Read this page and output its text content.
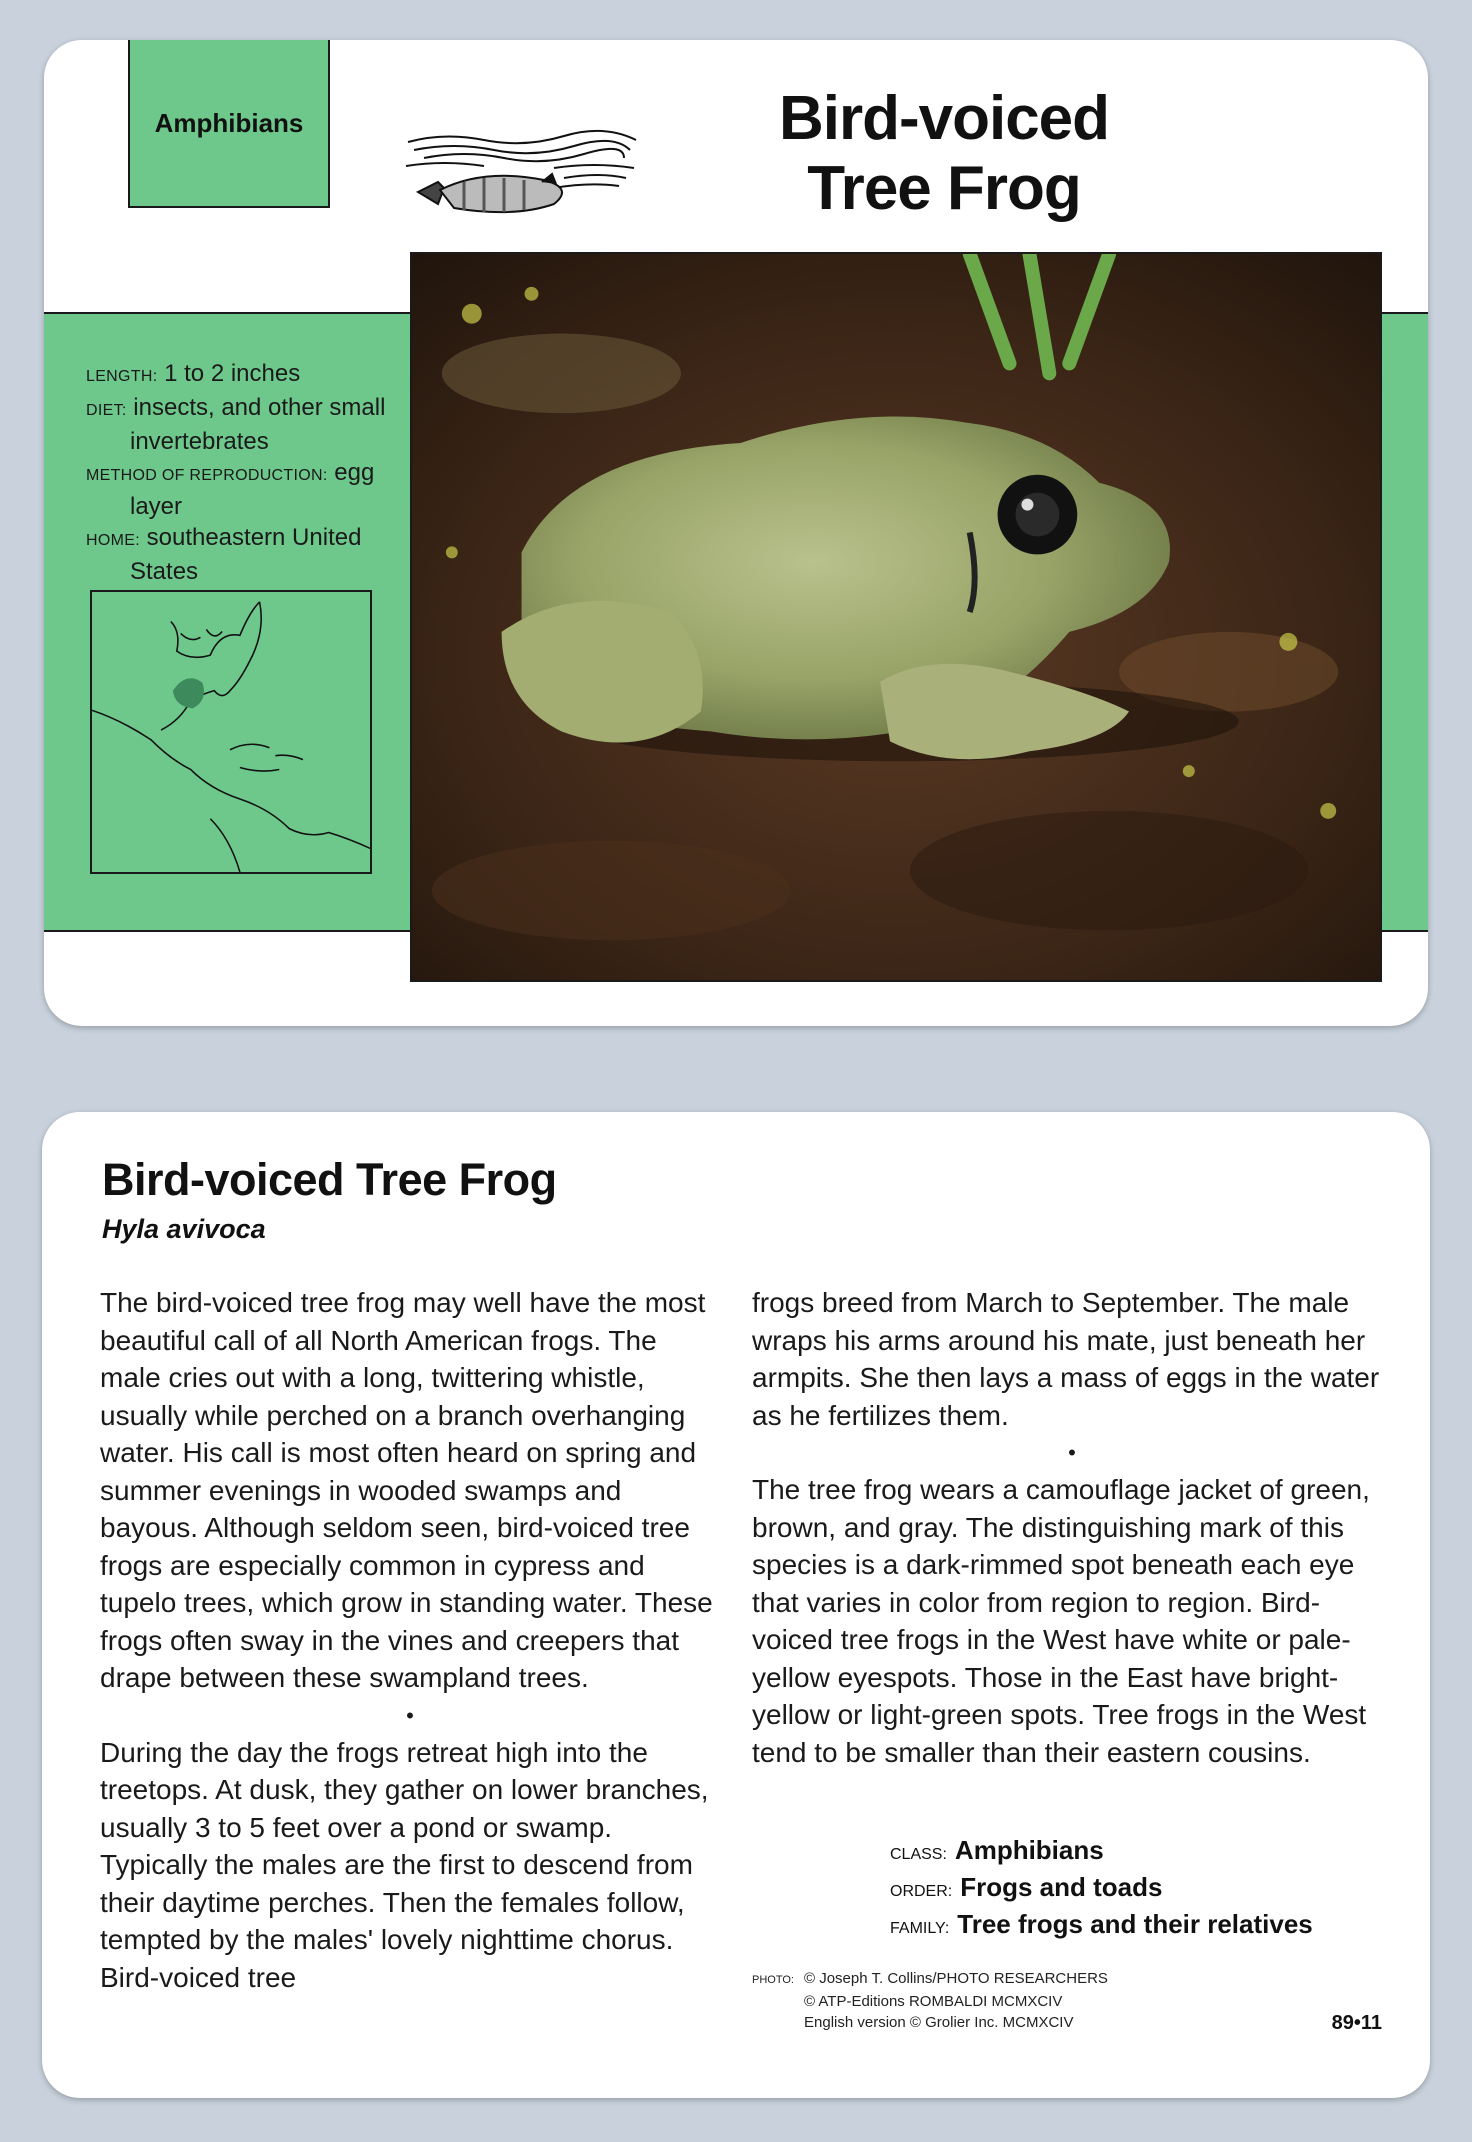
Amphibians	Bird-voiced
Tree Frog
LENGTH: 1 to 2 inches
DIET: insects, and other small
invertebrates
METHOD OF REPRODUCTION: egg
layer
HOME: southeastern United
States
Bird-voiced Tree Frog
Hyla avivoca

The bird-voiced tree frog may well have the most beautiful call of all North American frogs. The male cries out with a long, twittering whistle, usually while perched on a branch overhanging water. His call is most often heard on spring and summer evenings in wooded swamps and bayous. Although seldom seen, bird-voiced tree frogs are especially common in cypress and tupelo trees, which grow in standing water. These frogs often sway in the vines and creepers that drape between these swampland trees.

•

During the day the frogs retreat high into the treetops. At dusk, they gather on lower branches, usually 3 to 5 feet over a pond or swamp. Typically the males are the first to descend from their daytime perches. Then the females follow, tempted by the males' lovely nighttime chorus. Bird-voiced tree

frogs breed from March to September. The male wraps his arms around his mate, just beneath her armpits. She then lays a mass of eggs in the water as he fertilizes them.

•

The tree frog wears a camouflage jacket of green, brown, and gray. The distinguishing mark of this species is a dark-rimmed spot beneath each eye that varies in color from region to region. Bird-voiced tree frogs in the West have white or pale-yellow eyespots. Those in the East have bright-yellow or light-green spots. Tree frogs in the West tend to be smaller than their eastern cousins.

CLASS: Amphibians
ORDER: Frogs and toads
FAMILY: Tree frogs and their relatives
PHOTO: © Joseph T. Collins/PHOTO RESEARCHERS
© ATP-Editions ROMBALDI MCMXCIV
English version © Grolier Inc. MCMXCIV	89•11
